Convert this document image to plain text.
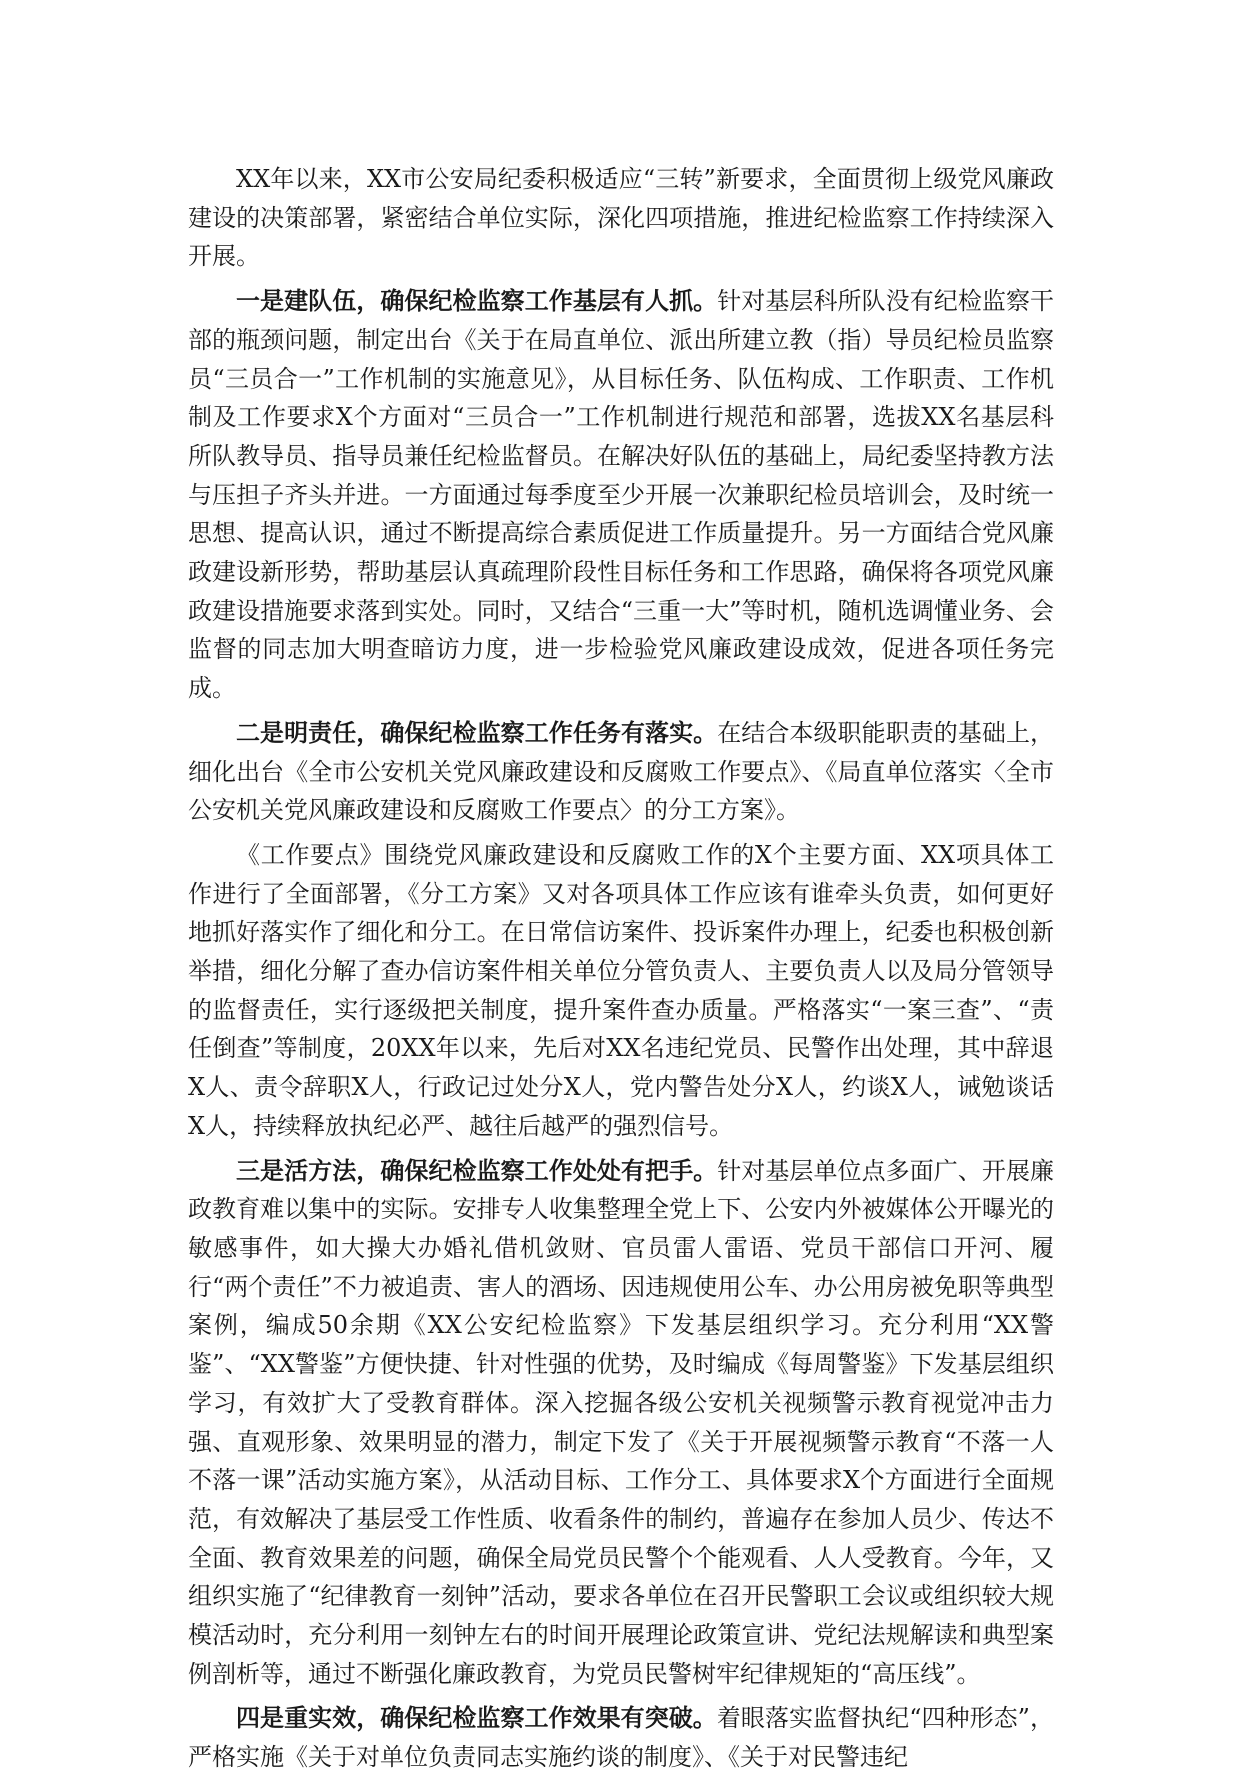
XX年以来，XX市公安局纪委积极适应“三转”新要求，全面贯彻上级党风廉政建设的决策部署，紧密结合单位实际，深化四项措施，推进纪检监察工作持续深入开展。

一是建队伍，确保纪检监察工作基层有人抓。针对基层科所队没有纪检监察干部的瓶颈问题，制定出台《关于在局直单位、派出所建立教（指）导员纪检员监察员“三员合一”工作机制的实施意见》，从目标任务、队伍构成、工作职责、工作机制及工作要求X个方面对“三员合一”工作机制进行规范和部署，选拔XX名基层科所队教导员、指导员兼任纪检监督员。在解决好队伍的基础上，局纪委坚持教方法与压担子齐头并进。一方面通过每季度至少开展一次兼职纪检员培训会，及时统一思想、提高认识，通过不断提高综合素质促进工作质量提升。另一方面结合党风廉政建设新形势，帮助基层认真疏理阶段性目标任务和工作思路，确保将各项党风廉政建设措施要求落到实处。同时，又结合“三重一大”等时机，随机选调懂业务、会监督的同志加大明查暗访力度，进一步检验党风廉政建设成效，促进各项任务完成。

二是明责任，确保纪检监察工作任务有落实。在结合本级职能职责的基础上，细化出台《全市公安机关党风廉政建设和反腐败工作要点》、《局直单位落实〈全市公安机关党风廉政建设和反腐败工作要点〉的分工方案》。

《工作要点》围绕党风廉政建设和反腐败工作的X个主要方面、XX项具体工作进行了全面部署，《分工方案》又对各项具体工作应该有谁牵头负责，如何更好地抓好落实作了细化和分工。在日常信访案件、投诉案件办理上，纪委也积极创新举措，细化分解了查办信访案件相关单位分管负责人、主要负责人以及局分管领导的监督责任，实行逐级把关制度，提升案件查办质量。严格落实“一案三查”、“责任倒查”等制度，20XX年以来，先后对XX名违纪党员、民警作出处理，其中辞退X人、责令辞职X人，行政记过处分X人，党内警告处分X人，约谈X人，诫勉谈话X人，持续释放执纪必严、越往后越严的强烈信号。

三是活方法，确保纪检监察工作处处有把手。针对基层单位点多面广、开展廉政教育难以集中的实际。安排专人收集整理全党上下、公安内外被媒体公开曝光的敏感事件，如大操大办婚礼借机敛财、官员雷人雷语、党员干部信口开河、履行“两个责任”不力被追责、害人的酒场、因违规使用公车、办公用房被免职等典型案例，编成50余期《XX公安纪检监察》下发基层组织学习。充分利用“XX警鉴”、“XX警鉴”方便快捷、针对性强的优势，及时编成《每周警鉴》下发基层组织学习，有效扩大了受教育群体。深入挖掘各级公安机关视频警示教育视觉冲击力强、直观形象、效果明显的潜力，制定下发了《关于开展视频警示教育“不落一人不落一课”活动实施方案》，从活动目标、工作分工、具体要求X个方面进行全面规范，有效解决了基层受工作性质、收看条件的制约，普遍存在参加人员少、传达不全面、教育效果差的问题，确保全局党员民警个个能观看、人人受教育。今年，又组织实施了“纪律教育一刻钟”活动，要求各单位在召开民警职工会议或组织较大规模活动时，充分利用一刻钟左右的时间开展理论政策宣讲、党纪法规解读和典型案例剖析等，通过不断强化廉政教育，为党员民警树牢纪律规矩的“高压线”。

四是重实效，确保纪检监察工作效果有突破。着眼落实监督执纪“四种形态”，严格实施《关于对单位负责同志实施约谈的制度》、《关于对民警违纪
